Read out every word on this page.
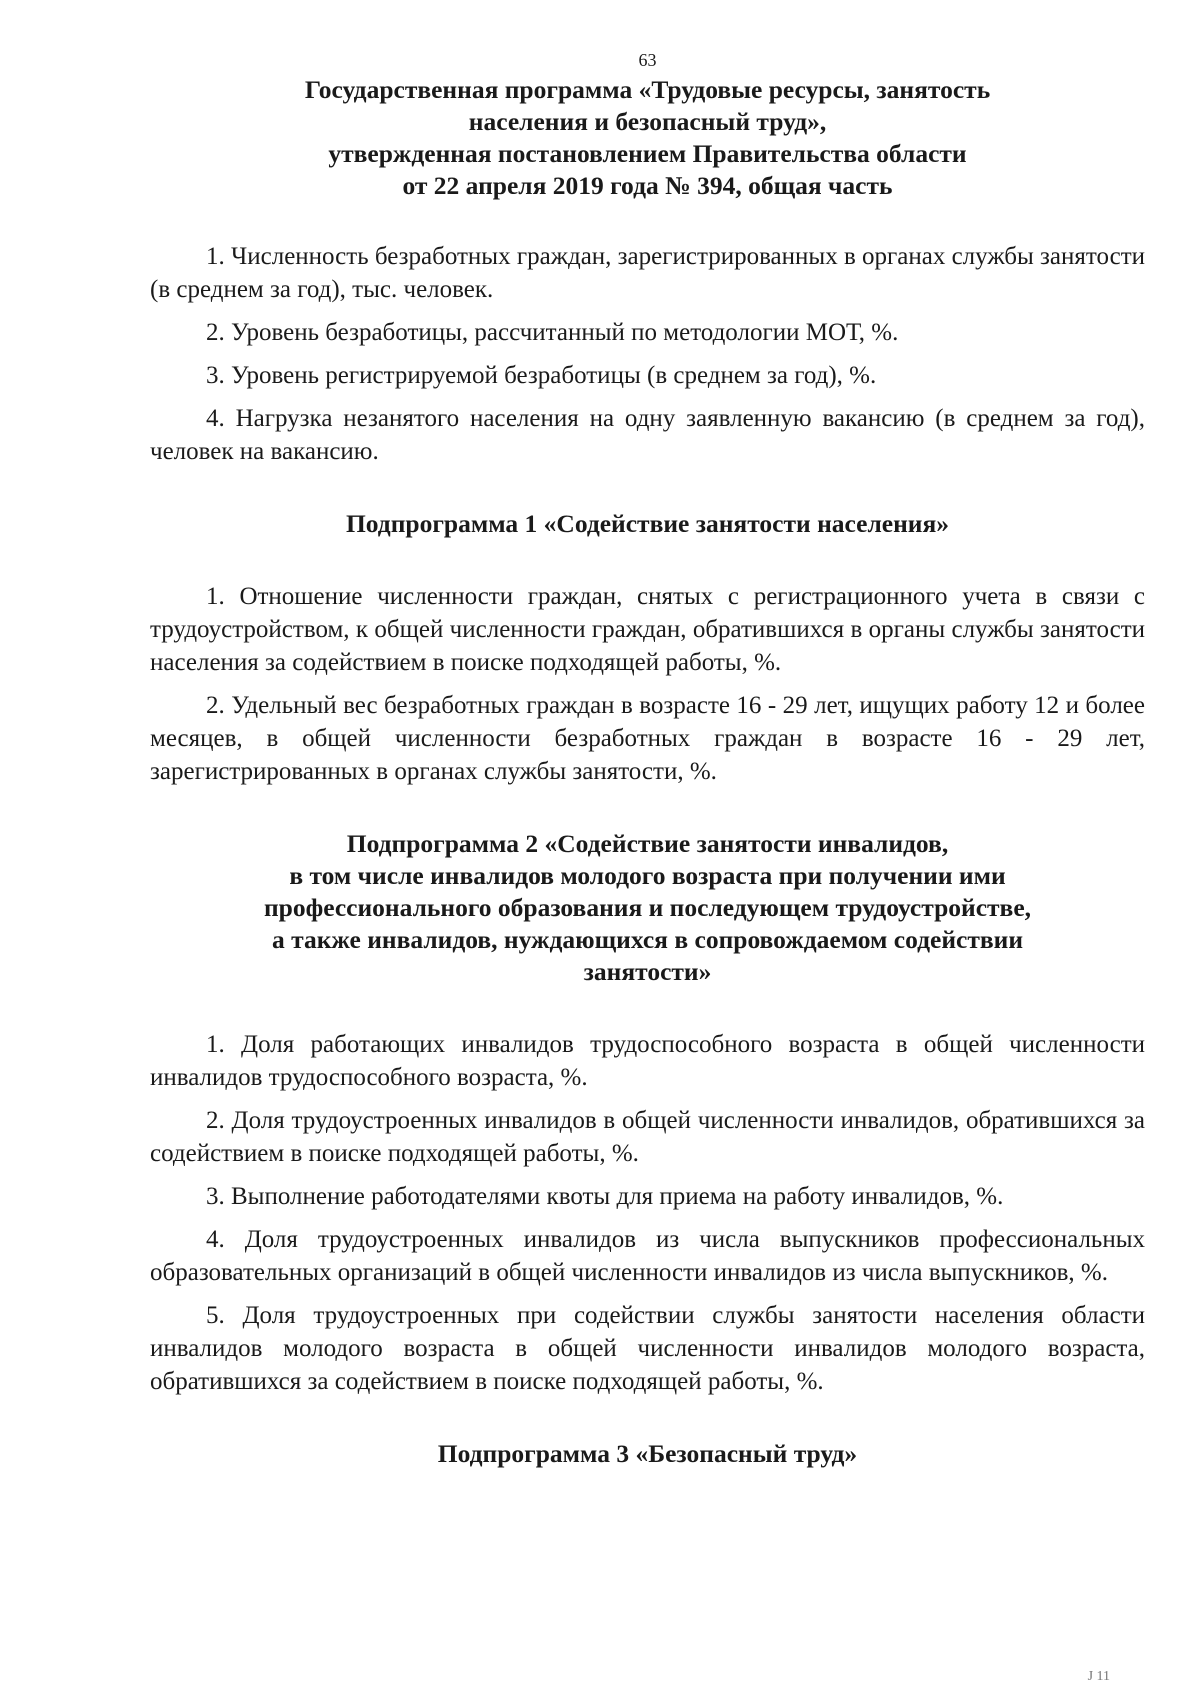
63
Государственная программа «Трудовые ресурсы, занятость
населения и безопасный труд»,
утвержденная постановлением Правительства области
от 22 апреля 2019 года № 394, общая часть

1. Численность безработных граждан, зарегистрированных в органах службы занятости (в среднем за год), тыс. человек.

2. Уровень безработицы, рассчитанный по методологии МОТ, %.

3. Уровень регистрируемой безработицы (в среднем за год), %.

4. Нагрузка незанятого населения на одну заявленную вакансию (в среднем за год), человек на вакансию.

Подпрограмма 1 «Содействие занятости населения»

1. Отношение численности граждан, снятых с регистрационного учета в связи с трудоустройством, к общей численности граждан, обратившихся в органы службы занятости населения за содействием в поиске подходящей работы, %.

2. Удельный вес безработных граждан в возрасте 16 - 29 лет, ищущих работу 12 и более месяцев, в общей численности безработных граждан в возрасте 16 - 29 лет, зарегистрированных в органах службы занятости, %.

Подпрограмма 2 «Содействие занятости инвалидов,
в том числе инвалидов молодого возраста при получении ими
профессионального образования и последующем трудоустройстве,
а также инвалидов, нуждающихся в сопровождаемом содействии
занятости»

1. Доля работающих инвалидов трудоспособного возраста в общей численности инвалидов трудоспособного возраста, %.

2. Доля трудоустроенных инвалидов в общей численности инвалидов, обратившихся за содействием в поиске подходящей работы, %.

3. Выполнение работодателями квоты для приема на работу инвалидов, %.

4. Доля трудоустроенных инвалидов из числа выпускников профессиональных образовательных организаций в общей численности инвалидов из числа выпускников, %.

5. Доля трудоустроенных при содействии службы занятости населения области инвалидов молодого возраста в общей численности инвалидов молодого возраста, обратившихся за содействием в поиске подходящей работы, %.

Подпрограмма 3 «Безопасный труд»
J 11
